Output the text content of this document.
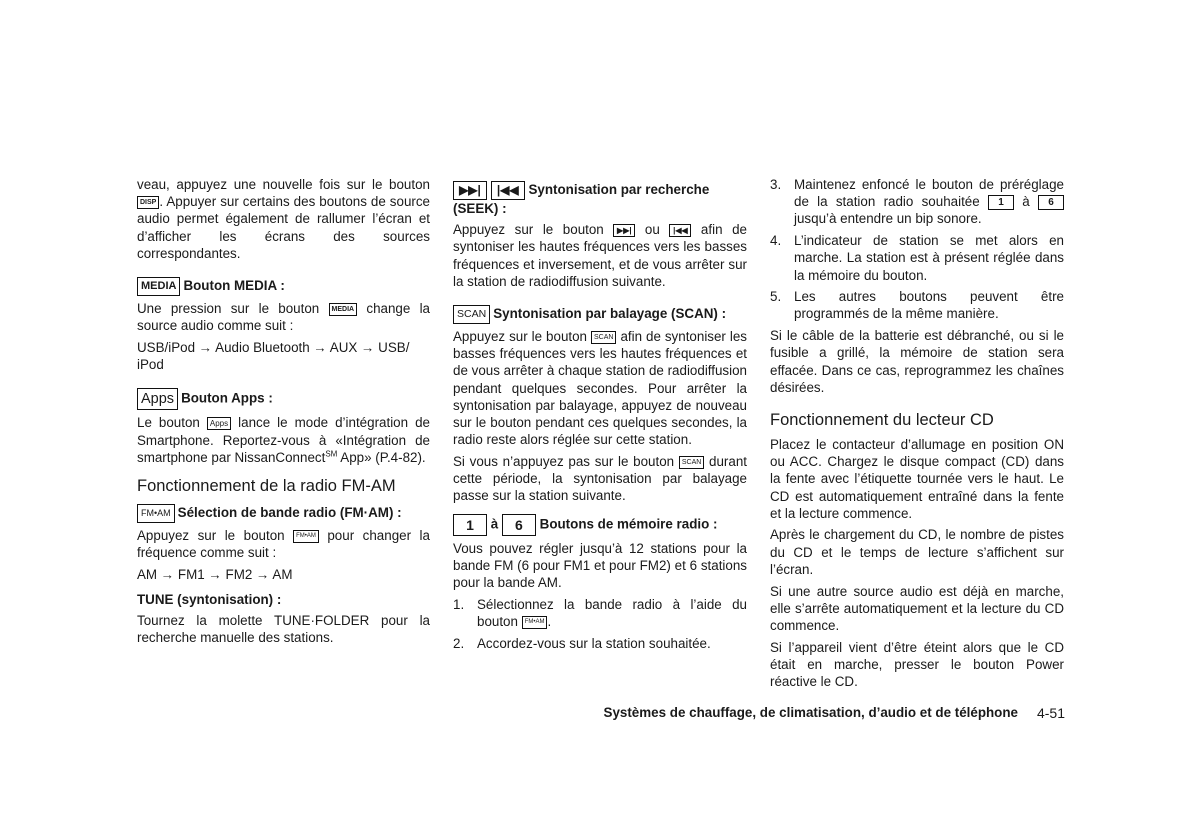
veau, appuyez une nouvelle fois sur le bouton DISP . Appuyer sur certains des boutons de source audio permet également de rallumer l’écran et d’afficher les écrans des sources correspondantes.

MEDIA Bouton MEDIA :

Une pression sur le bouton MEDIA change la source audio comme suit :

USB/iPod → Audio Bluetooth → AUX → USB/ iPod

Apps Bouton Apps :

Le bouton Apps lance le mode d’intégration de Smartphone. Reportez-vous à «Intégration de smartphone par NissanConnect℠ App» (P.4-82).

Fonctionnement de la radio FM-AM
FM•AM Sélection de bande radio (FM·AM) :

Appuyez sur le bouton FM•AM pour changer la fréquence comme suit :

AM → FM1 → FM2 → AM

TUNE (syntonisation) :

Tournez la molette TUNE·FOLDER pour la recherche manuelle des stations.

▶▶| |◀◀ Syntonisation par recherche (SEEK) :

Appuyez sur le bouton ▶▶| ou |◀◀ afin de syntoniser les hautes fréquences vers les basses fréquences et inversement, et de vous arrêter sur la station de radiodiffusion suivante.

SCAN Syntonisation par balayage (SCAN) :

Appuyez sur le bouton SCAN afin de syntoniser les basses fréquences vers les hautes fréquences et de vous arrêter à chaque station de radiodiffusion pendant quelques secondes. Pour arrêter la syntonisation par balayage, appuyez de nouveau sur le bouton pendant ces quelques secondes, la radio reste alors réglée sur cette station.

Si vous n’appuyez pas sur le bouton SCAN durant cette période, la syntonisation par balayage passe sur la station suivante.

1 à 6 Boutons de mémoire radio :

Vous pouvez régler jusqu’à 12 stations pour la bande FM (6 pour FM1 et pour FM2) et 6 stations pour la bande AM.

1. Sélectionnez la bande radio à l’aide du bouton FM•AM .
2. Accordez-vous sur la station souhaitée.
3. Maintenez enfoncé le bouton de préréglage de la station radio souhaitée 1 à 6 jusqu’à entendre un bip sonore.
4. L’indicateur de station se met alors en marche. La station est à présent réglée dans la mémoire du bouton.
5. Les autres boutons peuvent être programmés de la même manière.

Si le câble de la batterie est débranché, ou si le fusible a grillé, la mémoire de station sera effacée. Dans ce cas, reprogrammez les chaînes désirées.

Fonctionnement du lecteur CD

Placez le contacteur d’allumage en position ON ou ACC. Chargez le disque compact (CD) dans la fente avec l’étiquette tournée vers le haut. Le CD est automatiquement entraîné dans la fente et la lecture commence.

Après le chargement du CD, le nombre de pistes du CD et le temps de lecture s’affichent sur l’écran.

Si une autre source audio est déjà en marche, elle s’arrête automatiquement et la lecture du CD commence.

Si l’appareil vient d’être éteint alors que le CD était en marche, presser le bouton Power réactive le CD.

Systèmes de chauffage, de climatisation, d’audio et de téléphone 4-51
